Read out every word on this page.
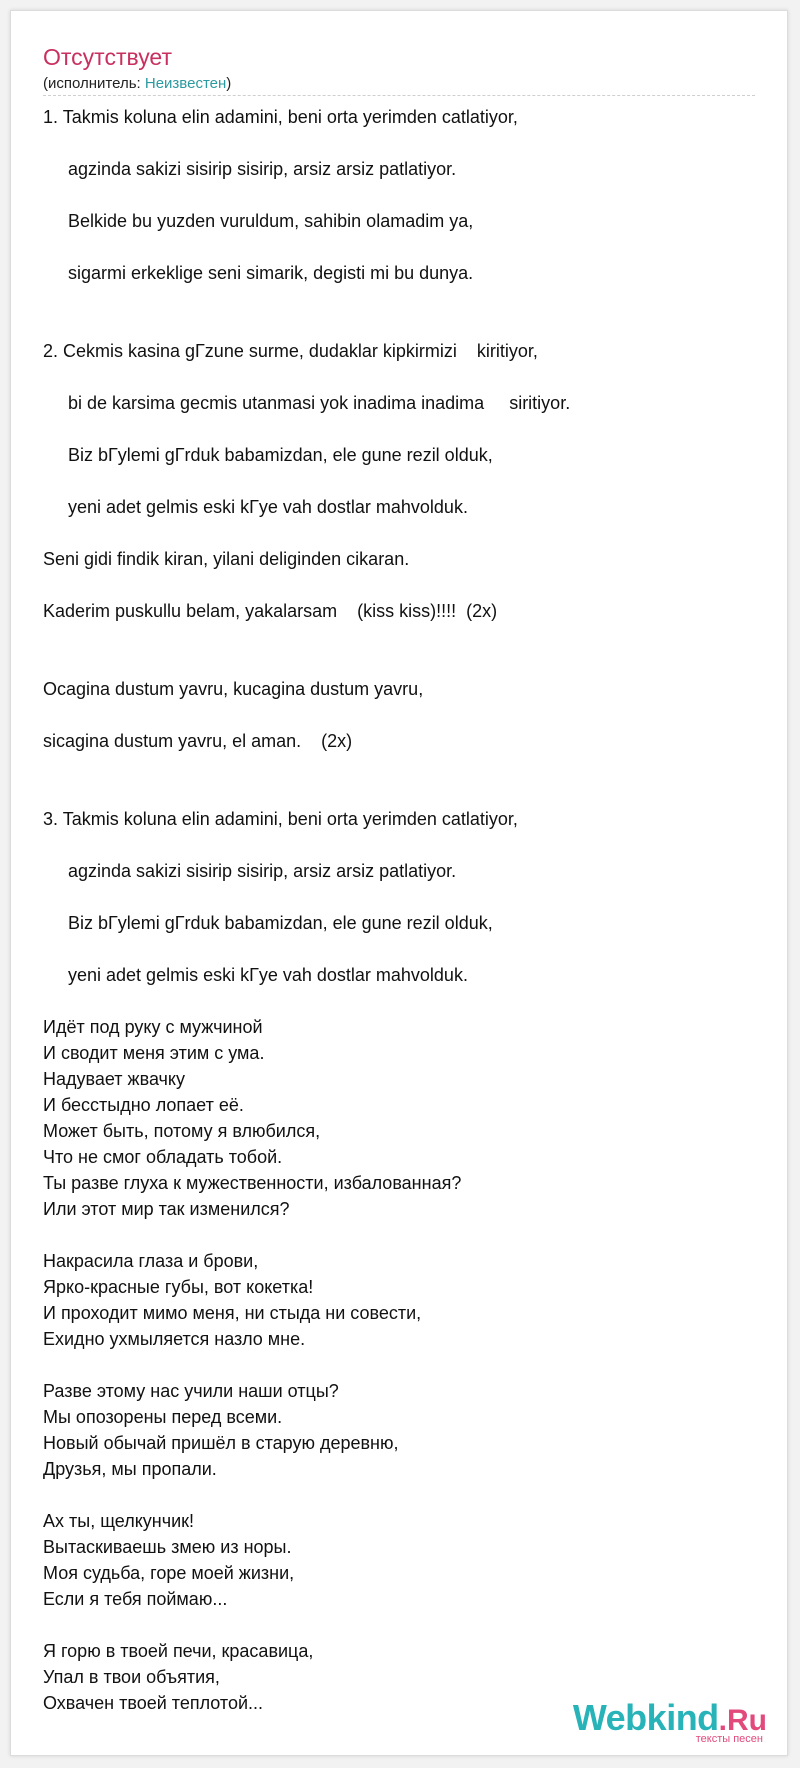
Отсутствует
(исполнитель: Неизвестен)
1. Takmis koluna elin adamini, beni orta yerimden catlatiyor,

agzinda sakizi sisirip sisirip, arsiz arsiz patlatiyor.

Belkide bu yuzden vuruldum, sahibin olamadim ya,

sigarmi erkeklige seni simarik, degisti mi bu dunya.

2. Cekmis kasina gГzune surme, dudaklar kipkirmizi    kiritiyor,

bi de karsima gecmis utanmasi yok inadima inadima     siritiyor.

Biz bГylemi gГrduk babamizdan, ele gune rezil olduk,

yeni adet gelmis eski kГye vah dostlar mahvolduk.

Seni gidi findik kiran, yilani deliginden cikaran.

Kaderim puskullu belam, yakalarsam    (kiss kiss)!!!!  (2x)

Ocagina dustum yavru, kucagina dustum yavru,

sicagina dustum yavru, el aman.    (2x)

3. Takmis koluna elin adamini, beni orta yerimden catlatiyor,

agzinda sakizi sisirip sisirip, arsiz arsiz patlatiyor.

Biz bГylemi gГrduk babamizdan, ele gune rezil olduk,

yeni adet gelmis eski kГye vah dostlar mahvolduk.

Идёт под руку с мужчиной
И сводит меня этим с ума.
Надувает жвачку
И бесстыдно лопает её.
Может быть, потому я влюбился,
Что не смог обладать тобой.
Ты разве глуха к мужественности, избалованная?
Или этот мир так изменился?

Накрасила глаза и брови,
Ярко-красные губы, вот кокетка!
И проходит мимо меня, ни стыда ни совести,
Ехидно ухмыляется назло мне.

Разве этому нас учили наши отцы?
Мы опозорены перед всеми.
Новый обычай пришёл в старую деревню,
Друзья, мы пропали.

Ах ты, щелкунчик!
Вытаскиваешь змею из норы.
Моя судьба, горе моей жизни,
Если я тебя поймаю...

Я горю в твоей печи, красавица,
Упал в твои объятия,
Охвачен твоей теплотой...	Webkind.Ru
тексты песен
